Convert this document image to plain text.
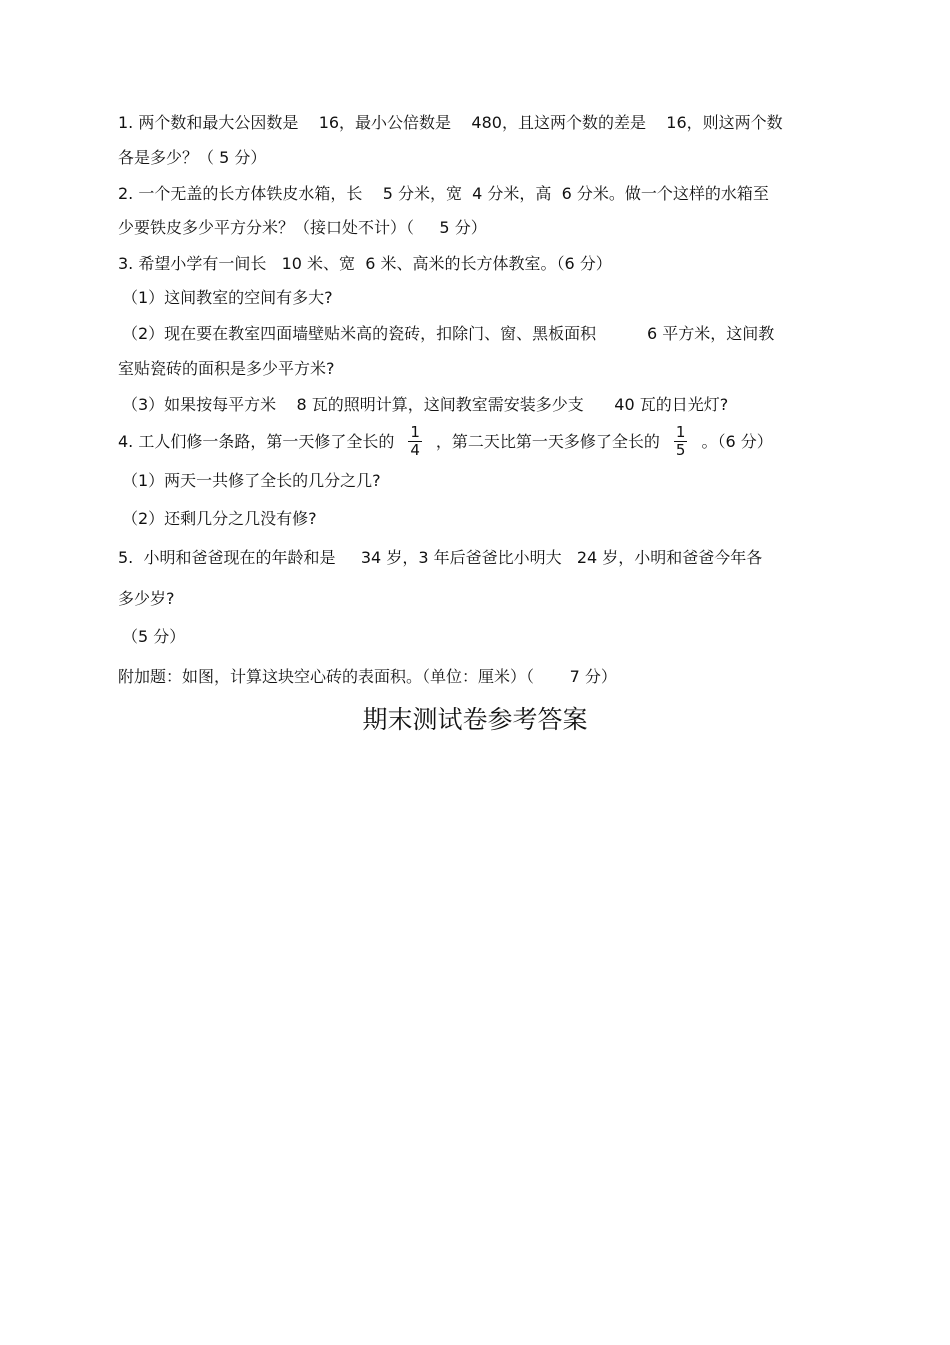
1. 两个数和最大公因数是    16，最小公倍数是    480，且这两个数的差是    16，则这两个数
各是多少？（ 5 分）
2. 一个无盖的长方体铁皮水箱，长    5 分米，宽  4 分米，高  6 分米。做一个这样的水箱至
少要铁皮多少平方分米？（接口处不计）（     5 分）
3. 希望小学有一间长   10 米、宽  6 米、高米的长方体教室。（6 分）
（1）这间教室的空间有多大?
（2）现在要在教室四面墙壁贴米高的瓷砖，扣除门、窗、黑板面积          6 平方米，这间教
室贴瓷砖的面积是多少平方米?
（3）如果按每平方米    8 瓦的照明计算，这间教室需安装多少支      40 瓦的日光灯?
4. 工人们修一条路，第一天修了全长的 $\frac{1}{4}$ ，第二天比第一天多修了全长的 $\frac{1}{5}$ 。（6 分）
（1）两天一共修了全长的几分之几?
（2）还剩几分之几没有修?
5.  小明和爸爸现在的年龄和是     34 岁，3 年后爸爸比小明大   24 岁，小明和爸爸今年各
多少岁?
（5 分）
附加题：如图，计算这块空心砖的表面积。（单位：厘米）（       7 分）
期末测试卷参考答案
